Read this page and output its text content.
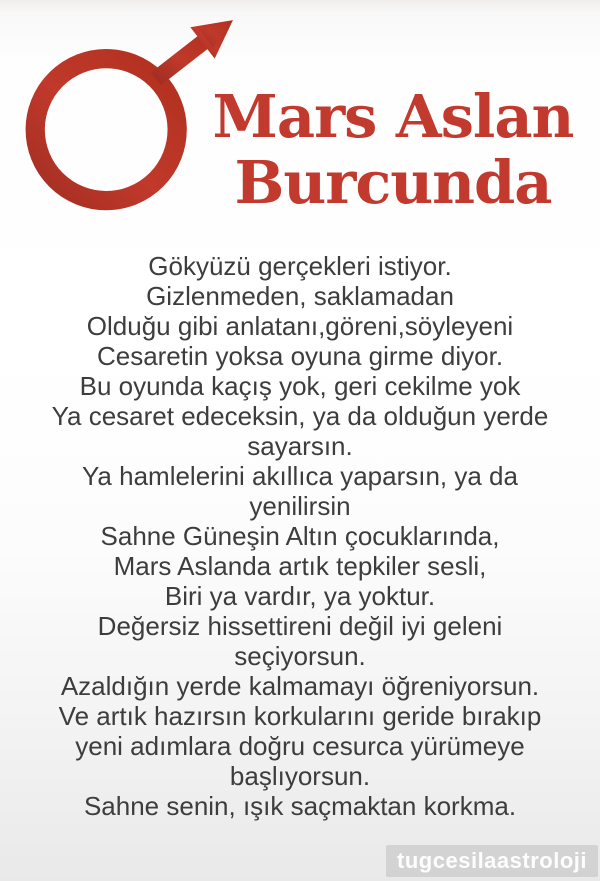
Mars Aslan
Burcunda
Gökyüzü gerçekleri istiyor.
Gizlenmeden, saklamadan
Olduğu gibi anlatanı,göreni,söyleyeni
Cesaretin yoksa oyuna girme diyor.
Bu oyunda kaçış yok, geri cekilme yok
Ya cesaret edeceksin, ya da olduğun yerde
sayarsın.
Ya hamlelerini akıllıca yaparsın, ya da
yenilirsin
Sahne Güneşin Altın çocuklarında,
Mars Aslanda artık tepkiler sesli,
Biri ya vardır, ya yoktur.
Değersiz hissettireni değil iyi geleni
seçiyorsun.
Azaldığın yerde kalmamayı öğreniyorsun.
Ve artık hazırsın korkularını geride bırakıp
yeni adımlara doğru cesurca yürümeye
başlıyorsun.
Sahne senin, ışık saçmaktan korkma.
tugcesilaastroloji
